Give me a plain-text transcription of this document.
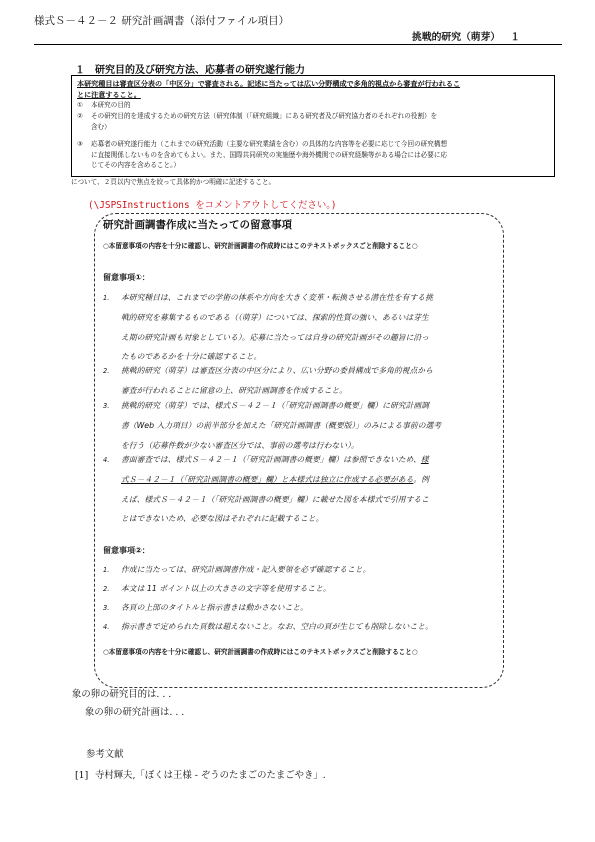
様式Ｓ－４２－２ 研究計画調書（添付ファイル項目）
挑戦的研究（萌芽） １
１ 研究目的及び研究方法、応募者の研究遂行能力
本研究種目は審査区分表の「中区分」で審査される。記述に当たっては広い分野構成で多角的視点から審査が行われるこ
とに注意すること。
① 本研究の目的
② その研究目的を達成するための研究方法（研究体制（「研究組織」にある研究者及び研究協力者のそれぞれの役割）を
含む）
③ 応募者の研究遂行能力（これまでの研究活動（主要な研究業績を含む）の具体的な内容等を必要に応じて今回の研究構想
に直接関係しないものを含めてもよい。また、国際共同研究の実施歴や海外機関での研究経験等がある場合には必要に応
じてその内容を含めること。）
について、２頁以内で焦点を絞って具体的かつ明確に記述すること。
(\JSPSInstructions をコメントアウトしてください。)
研究計画調書作成に当たっての留意事項
○本留意事項の内容を十分に確認し、研究計画調書の作成時にはこのテキストボックスごと削除すること○
留意事項①：
1. 本研究種目は、これまでの学術の体系や方向を大きく変革・転換させる潜在性を有する挑
戦的研究を募集するものである（（萌芽）については、探索的性質の強い、あるいは芽生
え期の研究計画も対象としている）。応募に当たっては自身の研究計画がその趣旨に沿っ
たものであるかを十分に確認すること。
2. 挑戦的研究（萌芽）は審査区分表の中区分により、広い分野の委員構成で多角的視点から
審査が行われることに留意の上、研究計画調書を作成すること。
3. 挑戦的研究（萌芽）では、様式Ｓ－４２－１（「研究計画調書の概要」欄）に研究計画調
書（Web 入力項目）の前半部分を加えた「研究計画調書（概要版）」のみによる事前の選考
を行う（応募件数が少ない審査区分では、事前の選考は行わない）。
4. 書面審査では、様式Ｓ－４２－１（「研究計画調書の概要」欄）は参照できないため、様
式Ｓ－４２－１（「研究計画調書の概要」欄）と本様式は独立に作成する必要がある。例
えば、様式Ｓ－４２－１（「研究計画調書の概要」欄）に載せた図を本様式で引用するこ
とはできないため、必要な図はそれぞれに記載すること。
留意事項②：
1. 作成に当たっては、研究計画調書作成・記入要領を必ず確認すること。
2. 本文は 11 ポイント以上の大きさの文字等を使用すること。
3. 各頁の上部のタイトルと指示書きは動かさないこと。
4. 指示書きで定められた頁数は超えないこと。なお、空白の頁が生じても削除しないこと。
○本留意事項の内容を十分に確認し、研究計画調書の作成時にはこのテキストボックスごと削除すること○
象の卵の研究目的は. . .
象の卵の研究計画は. . .
参考文献
[1] 寺村輝夫,「ぼくは王様 - ぞうのたまごのたまごやき」.
